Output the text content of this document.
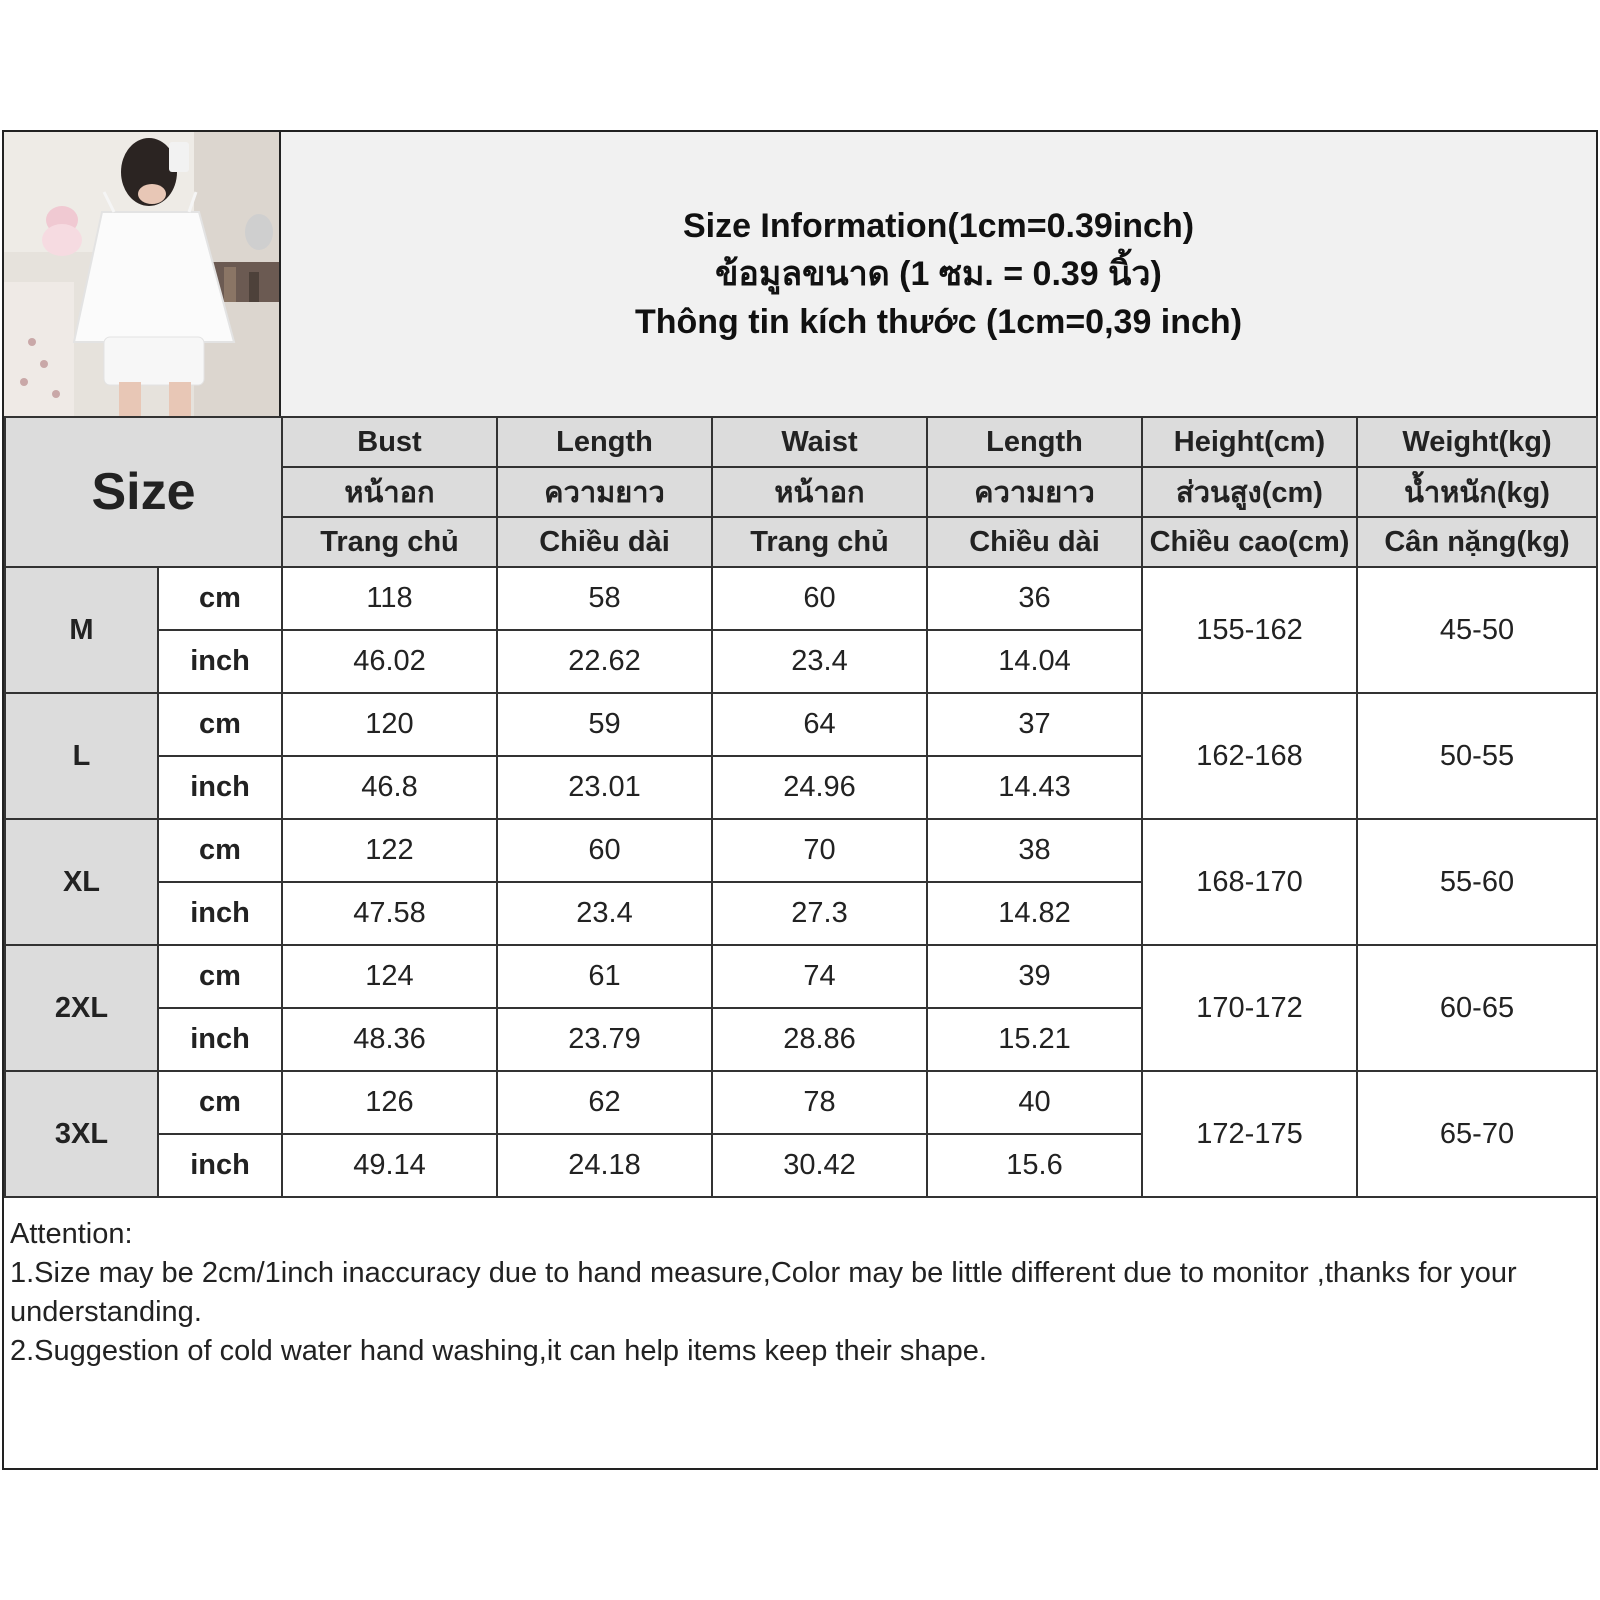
Size Information(1cm=0.39inch)
ข้อมูลขนาด (1 ซม. = 0.39 นิ้ว)
Thông tin kích thước (1cm=0,39 inch)
Size		Bust	Length	Waist	Length	Height(cm)	Weight(kg)
		หน้าอก	ความยาว	หน้าอก	ความยาว	ส่วนสูง(cm)	น้ำหนัก(kg)
		Trang chủ	Chiều dài	Trang chủ	Chiều dài	Chiều cao(cm)	Cân nặng(kg)
M	cm	118	58	60	36	155-162	45-50
	inch	46.02	22.62	23.4	14.04		
L	cm	120	59	64	37	162-168	50-55
	inch	46.8	23.01	24.96	14.43		
XL	cm	122	60	70	38	168-170	55-60
	inch	47.58	23.4	27.3	14.82		
2XL	cm	124	61	74	39	170-172	60-65
	inch	48.36	23.79	28.86	15.21		
3XL	cm	126	62	78	40	172-175	65-70
	inch	49.14	24.18	30.42	15.6		
Attention:
1.Size may be 2cm/1inch inaccuracy due to hand measure,Color may be little different due to monitor ,thanks for your understanding.
2.Suggestion of cold water hand washing,it can help items keep their shape.
